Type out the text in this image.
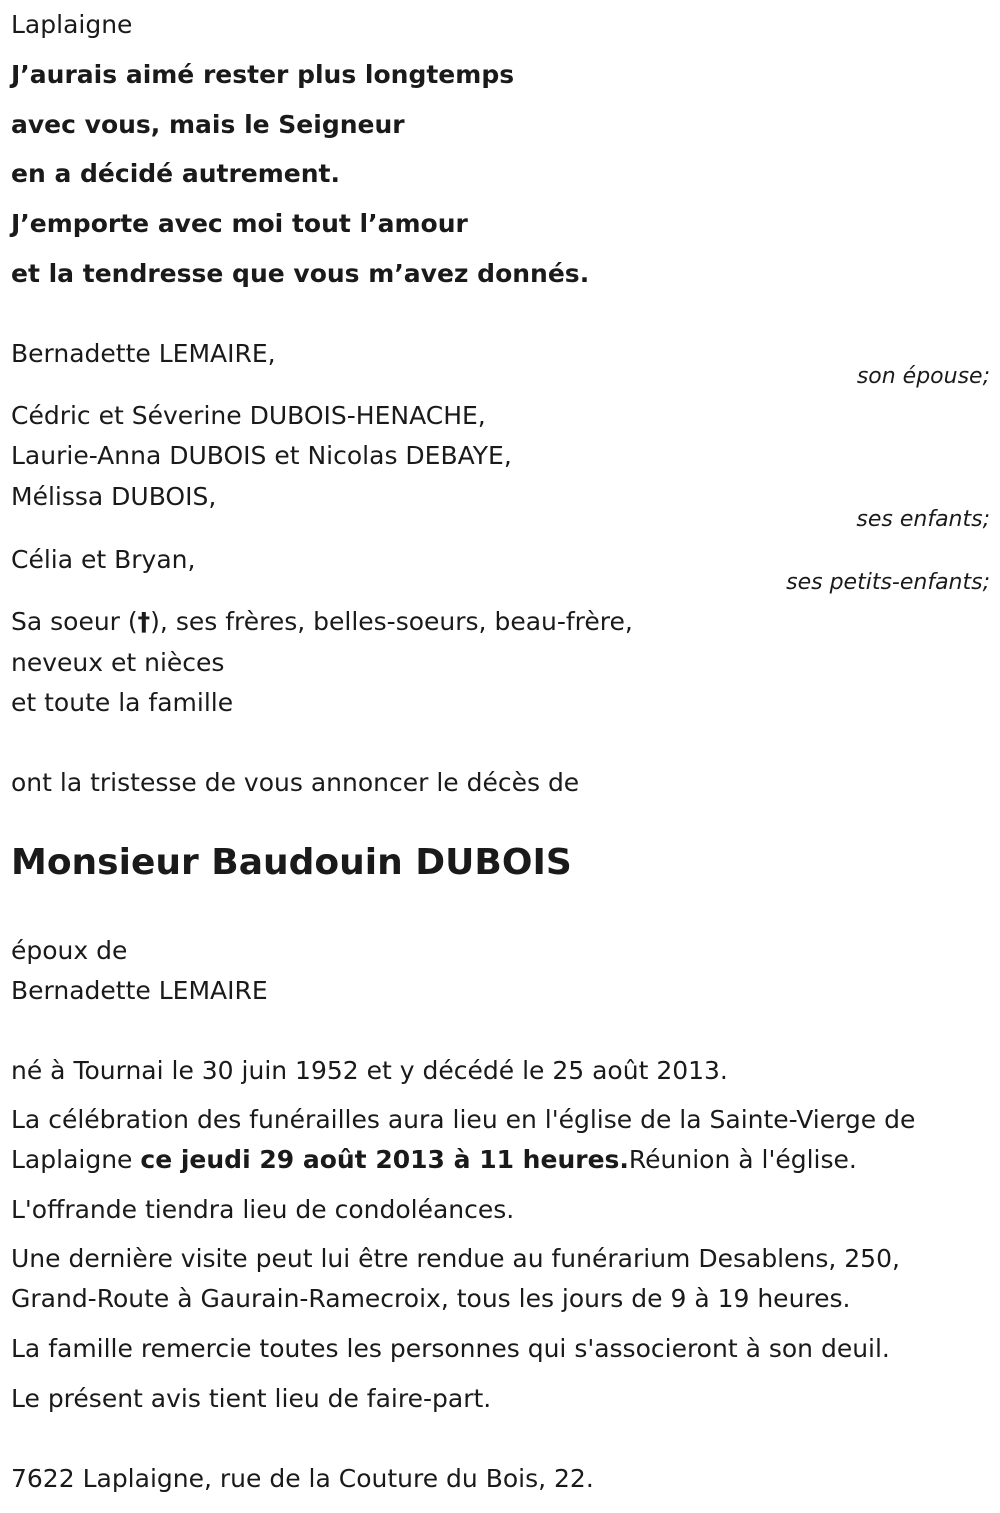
Laplaigne
J’aurais aimé rester plus longtemps
avec vous, mais le Seigneur
en a décidé autrement.
J’emporte avec moi tout l’amour
et la tendresse que vous m’avez donnés.
Bernadette LEMAIRE,
son épouse;
Cédric et Séverine DUBOIS-HENACHE,
Laurie-Anna DUBOIS et Nicolas DEBAYE,
Mélissa DUBOIS,
ses enfants;
Célia et Bryan,
ses petits-enfants;
Sa soeur (†), ses frères, belles-soeurs, beau-frère,
neveux et nièces
et toute la famille
ont la tristesse de vous annoncer le décès de
Monsieur Baudouin DUBOIS
époux de
Bernadette LEMAIRE
né à Tournai le 30 juin 1952 et y décédé le 25 août 2013.
La célébration des funérailles aura lieu en l'église de la Sainte-Vierge de
Laplaigne ce jeudi 29 août 2013 à 11 heures.Réunion à l'église.
L'offrande tiendra lieu de condoléances.
Une dernière visite peut lui être rendue au funérarium Desablens, 250,
Grand-Route à Gaurain-Ramecroix, tous les jours de 9 à 19 heures.
La famille remercie toutes les personnes qui s'associeront à son deuil.
Le présent avis tient lieu de faire-part.
7622 Laplaigne, rue de la Couture du Bois, 22.
